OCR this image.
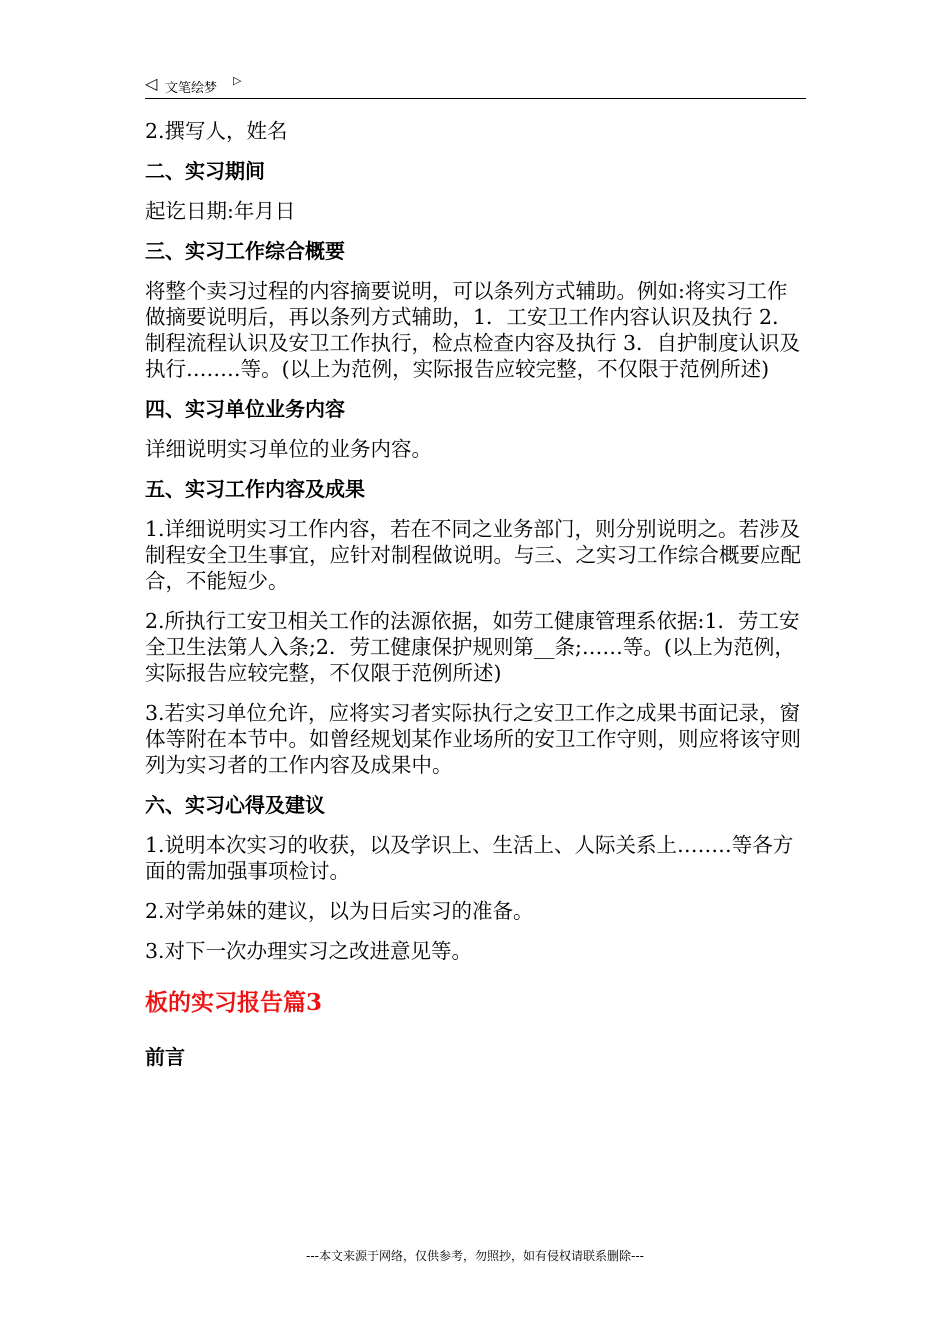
◁ 文笔绘梦
▷

2.撰写人，姓名

二、实习期间

起讫日期:年月日

三、实习工作综合概要

将整个卖习过程的内容摘要说明，可以条列方式辅助。例如:将实习工作做摘要说明后，再以条列方式辅助，1．工安卫工作内容认识及执行 2．制程流程认识及安卫工作执行，检点检查内容及执行 3．自护制度认识及执行‥……等。(以上为范例，实际报告应较完整，不仅限于范例所述)

四、实习单位业务内容

详细说明实习单位的业务内容。

五、实习工作内容及成果

1.详细说明实习工作内容，若在不同之业务部门，则分别说明之。若涉及制程安全卫生事宜，应针对制程做说明。与三、之实习工作综合概要应配合，不能短少。

2.所执行工安卫相关工作的法源依据，如劳工健康管理系依据:1．劳工安全卫生法第人入条;2．劳工健康保护规则第__条;……等。(以上为范例，实际报告应较完整，不仅限于范例所述)

3.若实习单位允许，应将实习者实际执行之安卫工作之成果书面记录，窗体等附在本节中。如曾经规划某作业场所的安卫工作守则，则应将该守则列为实习者的工作内容及成果中。

六、实习心得及建议

1.说明本次实习的收获，以及学识上、生活上、人际关系上‥……等各方面的需加强事项检讨。

2.对学弟妹的建议，以为日后实习的准备。

3.对下一次办理实习之改进意见等。

板的实习报告篇3

前言

---本文来源于网络，仅供参考，勿照抄，如有侵权请联系删除---
